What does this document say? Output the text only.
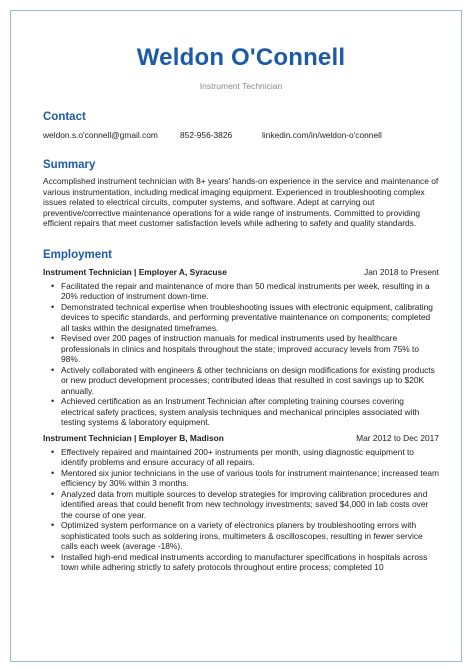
Weldon O'Connell
Instrument Technician
Contact
weldon.s.o'connell@gmail.com	852-956-3826	linkedin.com/in/weldon-o'connell
Summary
Accomplished instrument technician with 8+ years' hands-on experience in the service and maintenance of various instrumentation, including medical imaging equipment. Experienced in troubleshooting complex issues related to electrical circuits, computer systems, and software. Adept at carrying out preventive/corrective maintenance operations for a wide range of instruments. Committed to providing efficient repairs that meet customer satisfaction levels while adhering to safety and quality standards.
Employment
Instrument Technician | Employer A, Syracuse	Jan 2018 to Present
• Facilitated the repair and maintenance of more than 50 medical instruments per week, resulting in a 20% reduction of instrument down-time.
• Demonstrated technical expertise when troubleshooting issues with electronic equipment, calibrating devices to specific standards, and performing preventative maintenance on components; completed all tasks within the designated timeframes.
• Revised over 200 pages of instruction manuals for medical instruments used by healthcare professionals in clinics and hospitals throughout the state; improved accuracy levels from 75% to 98%.
• Actively collaborated with engineers & other technicians on design modifications for existing products or new product development processes; contributed ideas that resulted in cost savings up to $20K annually.
• Achieved certification as an Instrument Technician after completing training courses covering electrical safety practices, system analysis techniques and mechanical principles associated with testing systems & laboratory equipment.
Instrument Technician | Employer B, Madison	Mar 2012 to Dec 2017
• Effectively repaired and maintained 200+ instruments per month, using diagnostic equipment to identify problems and ensure accuracy of all repairs.
• Mentored six junior technicians in the use of various tools for instrument maintenance; increased team efficiency by 30% within 3 months.
• Analyzed data from multiple sources to develop strategies for improving calibration procedures and identified areas that could benefit from new technology investments; saved $4,000 in lab costs over the course of one year.
• Optimized system performance on a variety of electronics planers by troubleshooting errors with sophisticated tools such as soldering irons, multimeters & oscilloscopes, resulting in fewer service calls each week (average -18%).
• Installed high-end medical instruments according to manufacturer specifications in hospitals across town while adhering strictly to safety protocols throughout entire process; completed 10
